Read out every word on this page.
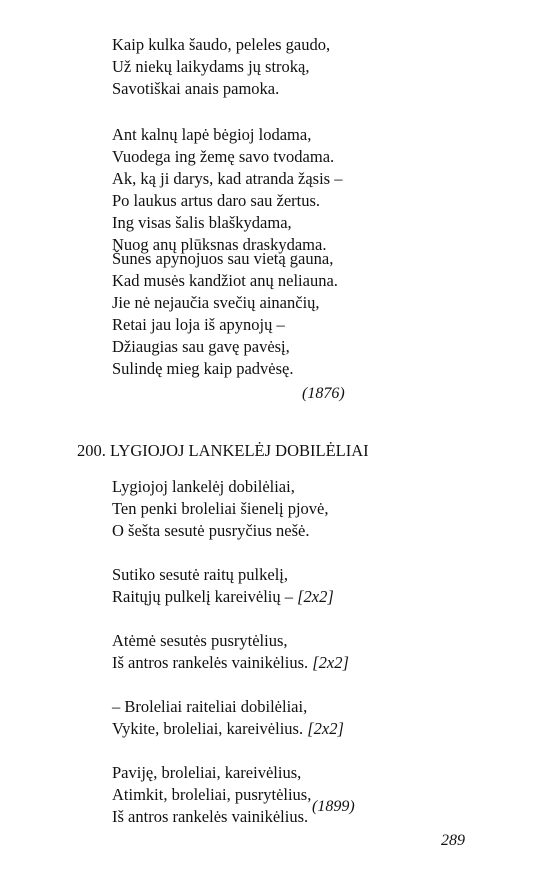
Kaip kulka šaudo, peleles gaudo,
Už niekų laikydams jų stroką,
Savotiškai anais pamoka.
Ant kalnų lapė bėgioj lodama,
Vuodega ing žemę savo tvodama.
Ak, ką ji darys, kad atranda žąsis –
Po laukus artus daro sau žertus.
Ing visas šalis blaškydama,
Nuog anų plūksnas draskydama.
Šunes apynojuos sau vietą gauna,
Kad musės kandžiot anų neliauna.
Jie nė nejaučia svečių ainančių,
Retai jau loja iš apynojų –
Džiaugias sau gavę pavėsį,
Sulindę mieg kaip padvėsę.
(1876)
200. LYGIOJOJ LANKELĖJ DOBILĖLIAI
Lygiojoj lankelėj dobilėliai,
Ten penki broleliai šienelį pjovė,
O šešta sesutė pusryčius nešė.
Sutiko sesutė raitų pulkelį,
Raitųjų pulkelį kareivėlių – [2x2]
Atėmė sesutės pusrytėlius,
Iš antros rankelės vainikėlius. [2x2]
– Broleliai raiteliai dobilėliai,
Vykite, broleliai, kareivėlius. [2x2]
Paviję, broleliai, kareivėlius,
Atimkit, broleliai, pusrytėlius,
Iš antros rankelės vainikėlius.
(1899)
289
